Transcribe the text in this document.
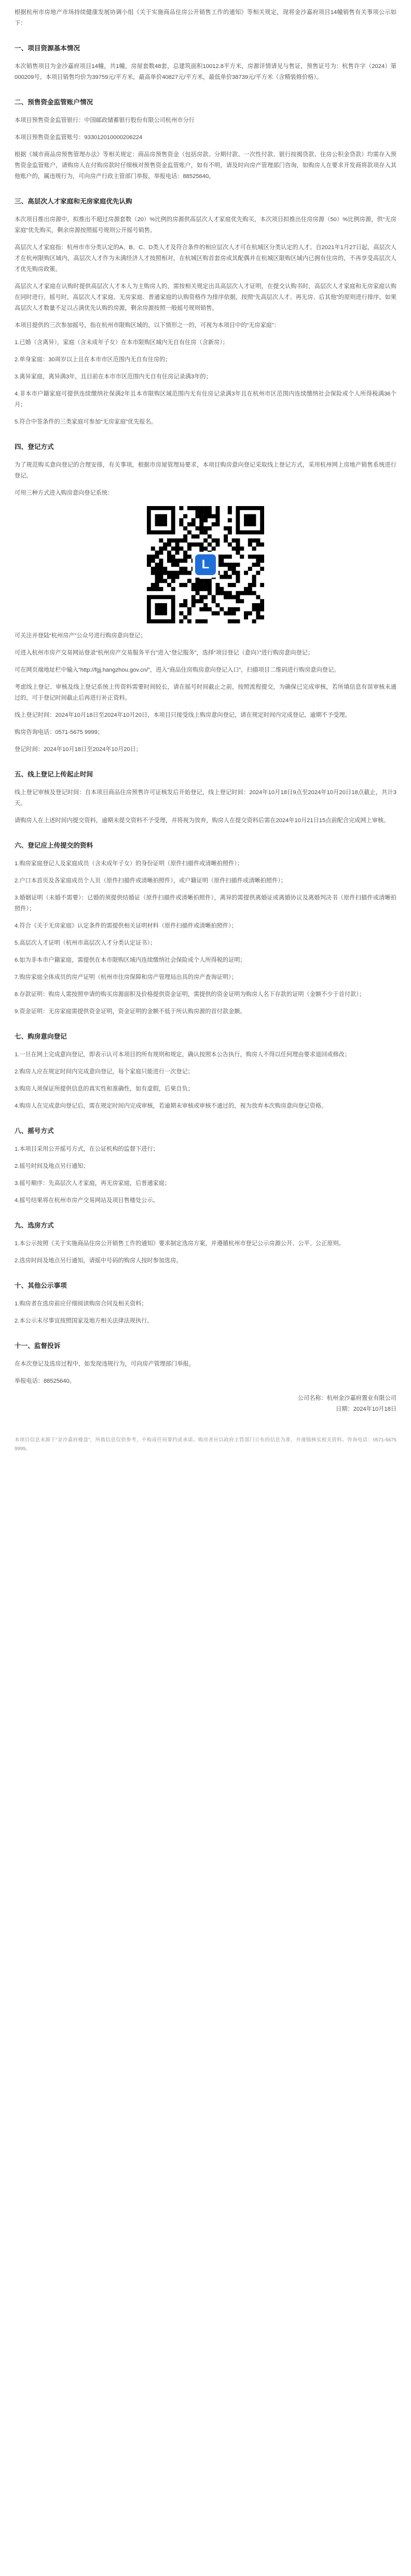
根据杭州市房地产市场持续健康发展协调小组《关于实施商品住房公开销售工作的通知》等相关规定，现将金沙嘉府项目14幢销售有关事项公示如下：

一、项目资源基本情况

本次销售项目为金沙嘉府项目14幢，共1幢，房屋套数48套，总建筑面积10012.8平方米，房源详情请见与售证，预售证号为：杭售许字（2024）第000209号。本项目销售均价为39759元/平方米，最高单价40827元/平方米，最低单价38739元/平方米（含精装修价格）。

二、预售资金监管账户情况

本项目预售资金监管银行：中国邮政储蓄银行股份有限公司杭州市分行

本项目预售资金监管账号：933012010000206224

根据《城市商品房预售管理办法》等相关规定：商品房预售资金（包括房款、分期付款、一次性付款、银行按揭贷款、住房公积金贷款）均需存入预售资金监管账户，请购房人在付购房款时仔细核对预售资金监管账户，如有不明，请及时向房产管理部门咨询，如购房人在要求开发商将款项存入其他账户的，属违规行为，可向房产行政主管部门举报，举报电话：88525640。

三、高层次人才家庭和无房家庭优先认购

本次项目推出房源中，拟推出不超过房源套数（20）%比例的房源供高层次人才家庭优先购买，本次项目拟推出住房房源（50）%比例房源，供“无房家庭”优先购买，剩余房源按照摇号规则公开摇号销售。

高层次人才家庭指：杭州市市分类认定的A、B、C、D类人才及符合条件的相应层次人才可在杭城区分类认定的人才。自2021年1月27日起，高层次人才在杭州限购区域内，高层次人才作为未满经济人才按照相对，在杭城区购首套房或其配偶并在杭城区限购区域内已拥有住房的，不再享受高层次人才优先购房政策。

高层次人才家庭在认购时提供高层次人才本人为主购房人的，需按相关规定出具高层次人才证明，在提交认购书时，高层次人才家庭和无房家庭认购在同时进行，摇号时，高层次人才家庭、无房家庭、普通家庭的认购资格作为排序依据，按照“先高层次人才、再无房、后其他”的原则进行排序。如果高层次人才数量不足以占满优先认购的房源，剩余房源按照一般摇号规则销售。

本项目提供的三次参加摇号，指在杭州市限购区域的，以下情形之一的，可视为本项目中的“无房家庭”：

1.已婚（含离异），家庭（含未成年子女）在本市限购区域内无自有住房（含新房）；

2.单身家庭：30周岁以上且在本市市区范围内无自有住房的；

3.离异家庭，离异满3年，且目前在本市市区范围内无自有住房记录满3年的；

4.非本市户籍家庭可提供连续缴纳社保满2年且本市限购区域范围内无有住房记录满3年且在杭州市区范围内连续缴纳社会保险或个人所得税满36个月；

5.符合中签条件的三类家庭可参加“无房家庭”优先报名。

四、登记方式

为了规范购买意向登记的合理安排，有关事项，根据市房屋管理局要求，本项目购房意向登记采取线上登记方式，采用杭州网上房地产销售系统进行登记。

可用三种方式进入购房意向登记系统：

L

可关注并登陆“杭州房产”公众号进行购房意向登记；

可进入杭州市房产交易网站登录“杭州房产交易服务平台”进入“登记服务”，选择“项目登记（意向）”进行购房意向登记；

可在网页端地址栏中输入“http://fgj.hangzhou.gov.cn/”，进入“商品住房购房意向登记入口”，扫描项目二维码进行购房意向登记。

考虑线上登记、审核及线上登记系统上传资料需要时间较长，请在摇号时间截止之前，按照流程提交，为确保已完成审核，若所填信息有误审核未通过的，可于登记时间截止后再进行补正资料。

线上登记时间：2024年10月18日至2024年10月20日，本项目只接受线上购房意向登记，请在规定时间内完成登记，逾期不予受理。

购房咨询电话：0571-5675 9999；

登记时间：2024年10月18日至2024年10月20日；

五、线上登记上传起止时间

线上登记审核及登记时间：自本项目商品住房预售许可证核发后开始登记，线上登记时间：2024年10月18日9点至2024年10月20日18点截止，共计3天。

请购房人在上述时间内提交资料，逾期未提交资料不予受理，并将视为放弃，购房人在提交资料后需在2024年10月21日15点前配合完成网上审核。

六、登记应上传提交的资料

1.购房家庭登记人及家庭成员（含未成年子女）的身份证明（原件扫描件或清晰拍照件）；

2.户口本首页及各家庭成员个人页（原件扫描件或清晰拍照件），或户籍证明（原件扫描件或清晰拍照件）；

3.婚姻证明（未婚不需要）：已婚的须提供结婚证（原件扫描件或清晰拍照件），离异的需提供离婚证或离婚协议及离婚判决书（原件扫描件或清晰拍照件）；

4.符合《关于无房家庭》认定条件的需提供相关证明材料（原件扫描件或清晰拍照件）；

5.高层次人才证明（杭州市高层次人才分类认定证书）；

6.如为非本市户籍家庭，需提供在本市限购区域内连续缴纳社会保险或个人所得税的证明；

7.购房家庭全体成员的房产证明（杭州市住房保障和房产管理局出具的房产查询证明）；

8.存款证明：购房人需按照申请的购买房源面积及价格提供资金证明，需提供的资金证明为购房人名下存款的证明（金额不少于首付款）；

9.资金证明：无房家庭需提供资金证明，资金证明的金额不低于所认购房源的首付款金额。

七、购房意向登记

1.一旦在网上完成意向登记，即表示认可本项目的所有规则和规定，确认按照本公告执行，购房人不得以任何理由要求退回或修改；

2.购房人应在规定时间内完成意向登记，每个家庭只能进行一次登记；

3.购房人须保证所提供信息的真实性和准确性，如有虚假，后果自负；

4.购房人在完成意向登记后，需在规定时间内完成审核，若逾期未审核或审核不通过的，视为放弃本次购房意向登记资格。

八、摇号方式

1.本项目采用公开摇号方式，在公证机构的监督下进行；

2.摇号时间及地点另行通知；

3.摇号顺序：先高层次人才家庭，再无房家庭，后普通家庭；

4.摇号结果将在杭州市房产交易网站及项目售楼处公示。

九、选房方式

1.本公示按照《关于实施商品住房公开销售工作的通知》要求制定选房方案，并遵循杭州市登记公示房源公开、公平、公正原则。

2.选房时间及地点另行通知，请摇中号码的购房人按时参加选房。

十、其他公示事项

1.购房者在选房前应仔细阅读购房合同及相关资料；

2.本公示未尽事宜按照国家及地方相关法律法规执行。

十一、监督投诉

在本次登记及选房过程中，如发现违规行为，可向房产管理部门举报。

举报电话：88525640。

公司名称：杭州金沙嘉府置业有限公司
日期：2024年10月18日
本项目信息来源于“金沙嘉府楼盘”，所载信息仅供参考，不构成任何要约或承诺。购房者应以政府主管部门公布的信息为准，并谨慎核实相关资料。咨询电话：0571-5675 9999。
